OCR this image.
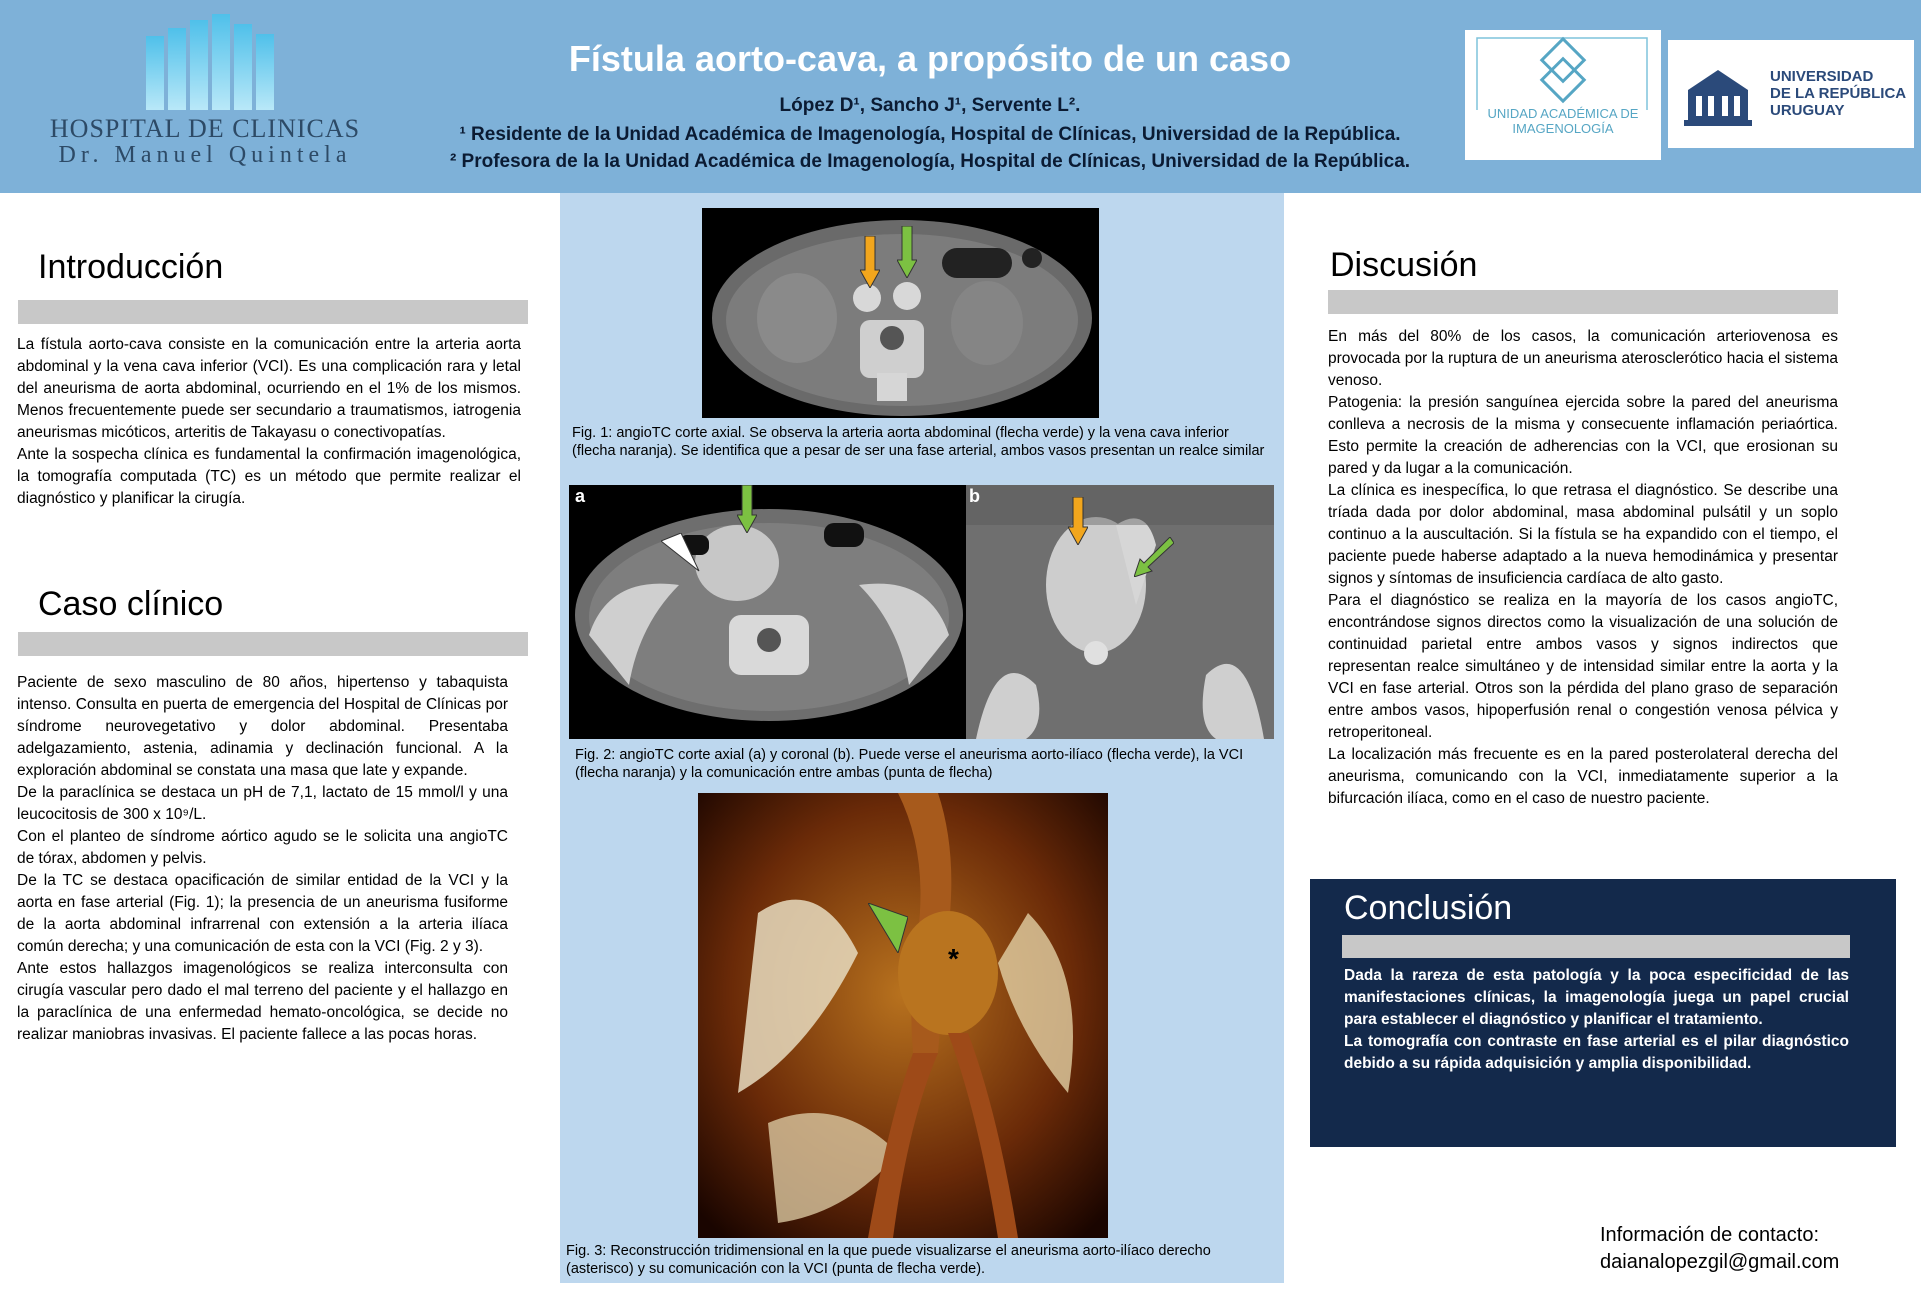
HOSPITAL DE CLINICAS
Dr. Manuel Quintela
Fístula aorto-cava, a propósito de un caso
López D¹, Sancho J¹, Servente L².
¹ Residente de la Unidad Académica de Imagenología, Hospital de Clínicas, Universidad de la República.
² Profesora de la la Unidad Académica de Imagenología, Hospital de Clínicas, Universidad de la República.
UNIDAD ACADÉMICA DE IMAGENOLOGÍA
UNIVERSIDAD
DE LA REPÚBLICA
URUGUAY
Introducción

La fístula aorto-cava consiste en la comunicación entre la arteria aorta abdominal y la vena cava inferior (VCI). Es una complicación rara y letal del aneurisma de aorta abdominal, ocurriendo en el 1% de los mismos. Menos frecuentemente puede ser secundario a traumatismos, iatrogenia aneurismas micóticos, arteritis de Takayasu o conectivopatías.

Ante la sospecha clínica es fundamental la confirmación imagenológica, la tomografía computada (TC) es un método que permite realizar el diagnóstico y planificar la cirugía.

Caso clínico

Paciente de sexo masculino de 80 años, hipertenso y tabaquista intenso. Consulta en puerta de emergencia del Hospital de Clínicas por síndrome neurovegetativo y dolor abdominal. Presentaba adelgazamiento, astenia, adinamia y declinación funcional. A la exploración abdominal se constata una masa que late y expande.

De la paraclínica se destaca un pH de 7,1, lactato de 15 mmol/l y una leucocitosis de 300 x 10⁹/L.

Con el planteo de síndrome aórtico agudo se le solicita una angioTC de tórax, abdomen y pelvis.

De la TC se destaca opacificación de similar entidad de la VCI y la aorta en fase arterial (Fig. 1); la presencia de un aneurisma fusiforme de la aorta abdominal infrarrenal con extensión a la arteria ilíaca común derecha; y una comunicación de esta con la VCI (Fig. 2 y 3).

Ante estos hallazgos imagenológicos se realiza interconsulta con cirugía vascular pero dado el mal terreno del paciente y el hallazgo en la paraclínica de una enfermedad hemato-oncológica, se decide no realizar maniobras invasivas. El paciente fallece a las pocas horas.

Fig. 1: angioTC corte axial. Se observa la arteria aorta abdominal (flecha verde) y la vena cava inferior (flecha naranja). Se identifica que a pesar de ser una fase arterial, ambos vasos presentan un realce similar
a	b
Fig. 2: angioTC corte axial (a) y coronal (b). Puede verse el aneurisma aorto-ilíaco (flecha verde), la VCI (flecha naranja) y la comunicación entre ambas (punta de flecha)
*
Fig. 3: Reconstrucción tridimensional en la que puede visualizarse el aneurisma aorto-ilíaco derecho (asterisco) y su comunicación con la VCI (punta de flecha verde).
Discusión

En más del 80% de los casos, la comunicación arteriovenosa es provocada por la ruptura de un aneurisma aterosclerótico hacia el sistema venoso.

Patogenia: la presión sanguínea ejercida sobre la pared del aneurisma conlleva a necrosis de la misma y consecuente inflamación periaórtica. Esto permite la creación de adherencias con la VCI, que erosionan su pared y da lugar a la comunicación.

La clínica es inespecífica, lo que retrasa el diagnóstico. Se describe una tríada dada por dolor abdominal, masa abdominal pulsátil y un soplo continuo a la auscultación. Si la fístula se ha expandido con el tiempo, el paciente puede haberse adaptado a la nueva hemodinámica y presentar signos y síntomas de insuficiencia cardíaca de alto gasto.

Para el diagnóstico se realiza en la mayoría de los casos angioTC, encontrándose signos directos como la visualización de una solución de continuidad parietal entre ambos vasos y signos indirectos que representan realce simultáneo y de intensidad similar entre la aorta y la VCI en fase arterial. Otros son la pérdida del plano graso de separación entre ambos vasos, hipoperfusión renal o congestión venosa pélvica y retroperitoneal.

La localización más frecuente es en la pared posterolateral derecha del aneurisma, comunicando con la VCI, inmediatamente superior a la bifurcación ilíaca, como en el caso de nuestro paciente.

Conclusión

Dada la rareza de esta patología y la poca especificidad de las manifestaciones clínicas, la imagenología juega un papel crucial para establecer el diagnóstico y planificar el tratamiento.

La tomografía con contraste en fase arterial es el pilar diagnóstico debido a su rápida adquisición y amplia disponibilidad.

Información de contacto:
daianalopezgil@gmail.com
